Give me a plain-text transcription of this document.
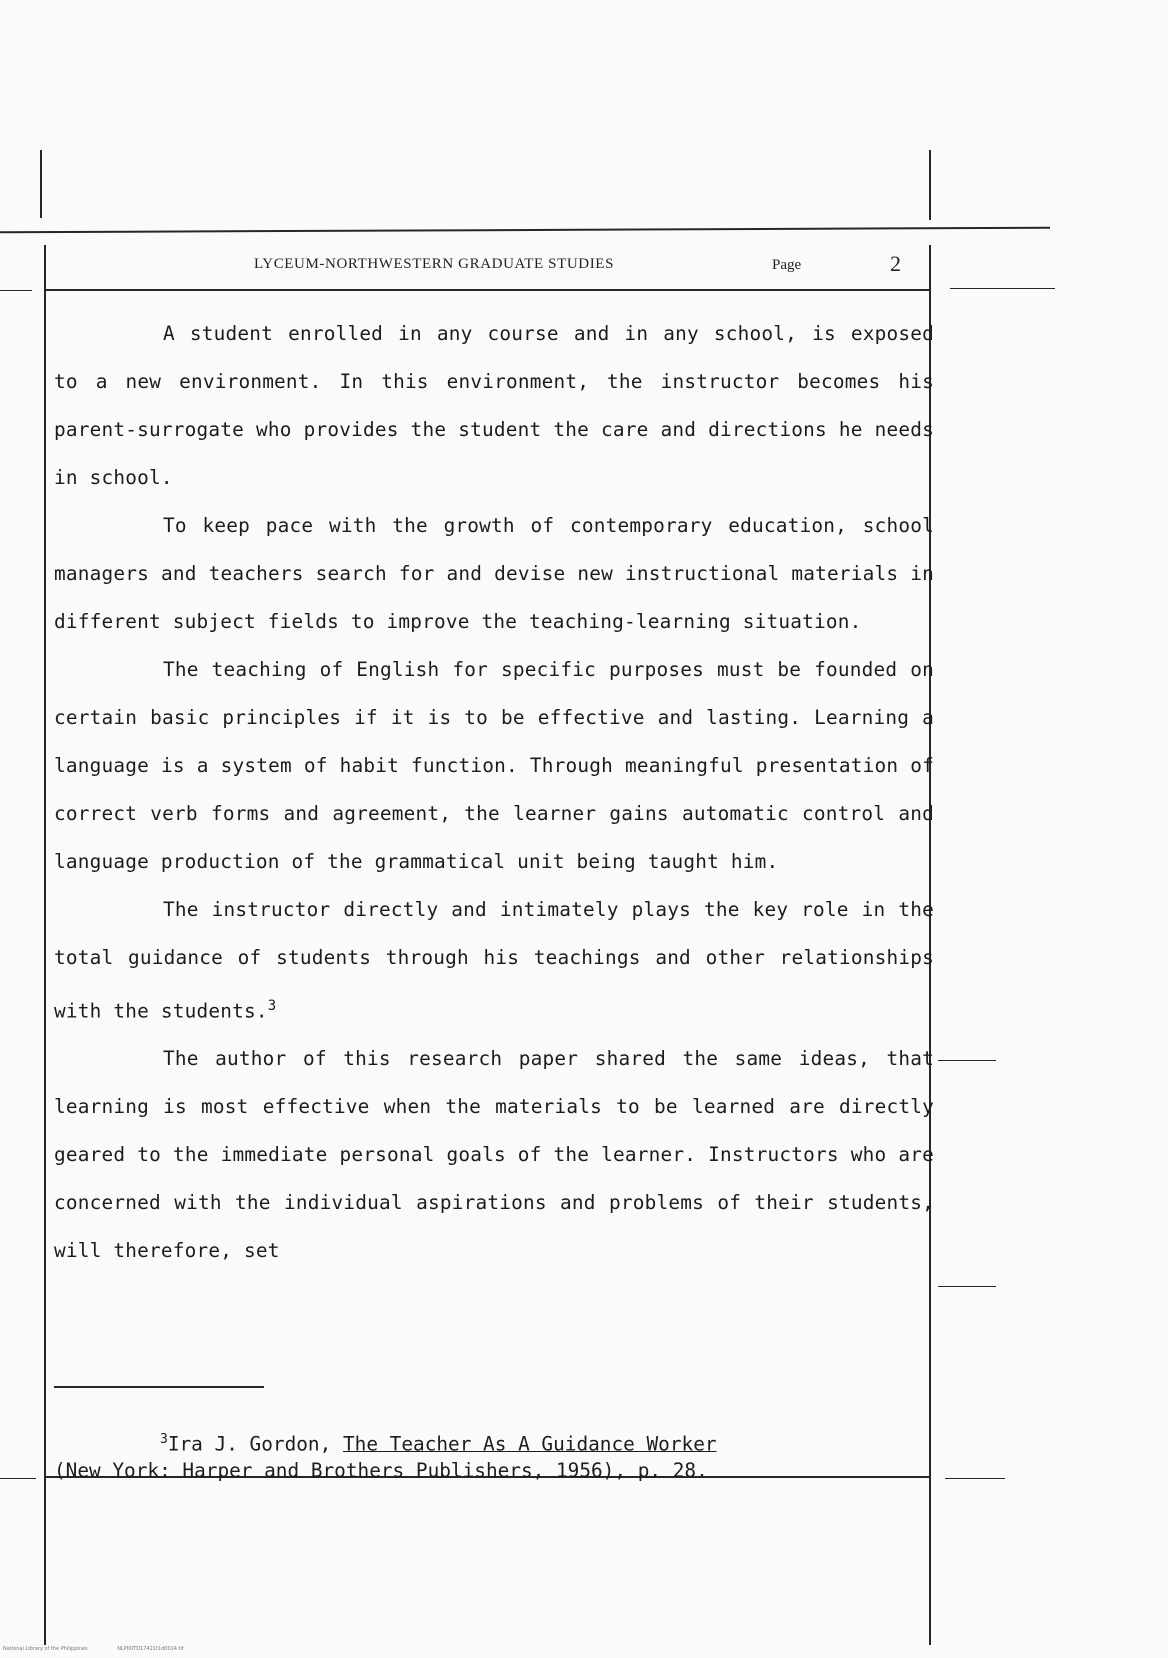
LYCEUM-NORTHWESTERN GRADUATE STUDIES	Page	2

A student enrolled in any course and in any school, is exposed to a new environment. In this environment, the instructor becomes his parent-surrogate who provides the student the care and directions he needs in school.

To keep pace with the growth of contemporary education, school managers and teachers search for and devise new instructional materials in different subject fields to improve the teaching-learning situation.

The teaching of English for specific purposes must be founded on certain basic principles if it is to be effective and lasting. Learning a language is a system of habit function. Through meaningful presentation of correct verb forms and agreement, the learner gains automatic control and language production of the grammatical unit being taught him.

The instructor directly and intimately plays the key role in the total guidance of students through his teachings and other relationships with the students.$^3$

The author of this research paper shared the same ideas, that learning is most effective when the materials to be learned are directly geared to the immediate personal goals of the learner. Instructors who are concerned with the individual aspirations and problems of their students, will therefore, set

$^3$Ira J. Gordon, The Teacher As A Guidance Worker
(New York: Harper and Brothers Publishers, 1956), p. 28.
National Library of the Philippines	NLP00TD17421t1d0014.tif
